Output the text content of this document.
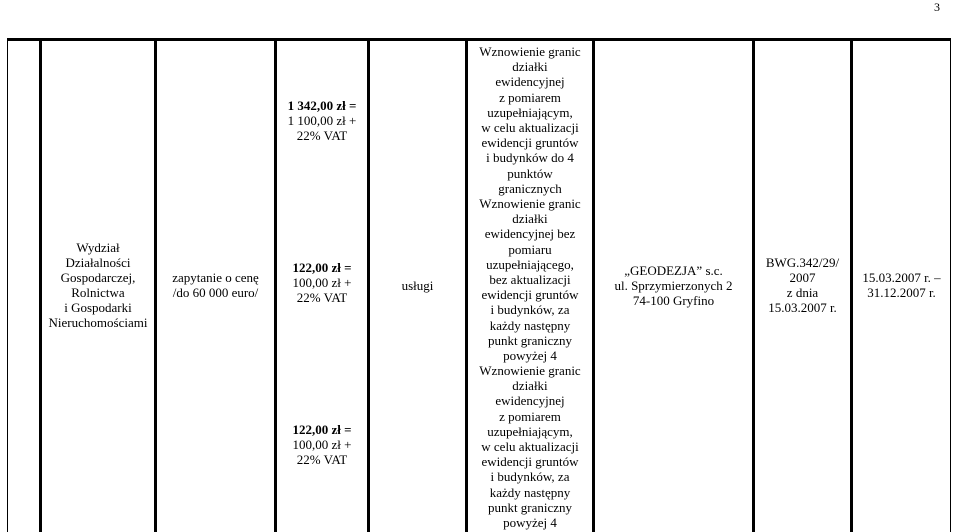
3
Wydział
Działalności
Gospodarczej,
Rolnictwa
i Gospodarki
Nieruchomościami
zapytanie o cenę
/do 60 000 euro/
1 342,00 zł =
1 100,00 zł +
22% VAT
122,00 zł =
100,00 zł +
22% VAT
122,00 zł =
100,00 zł +
22% VAT
usługi
Wznowienie granic
działki
ewidencyjnej
z pomiarem
uzupełniającym,
w celu aktualizacji
ewidencji gruntów
i budynków do 4
punktów
granicznych
Wznowienie granic
działki
ewidencyjnej bez
pomiaru
uzupełniającego,
bez aktualizacji
ewidencji gruntów
i budynków, za
każdy następny
punkt graniczny
powyżej 4
Wznowienie granic
działki
ewidencyjnej
z pomiarem
uzupełniającym,
w celu aktualizacji
ewidencji gruntów
i budynków, za
każdy następny
punkt graniczny
powyżej 4
„GEODEZJA” s.c.
ul. Sprzymierzonych 2
74-100 Gryfino
BWG.342/29/
2007
z dnia
15.03.2007 r.
15.03.2007 r. –
31.12.2007 r.
